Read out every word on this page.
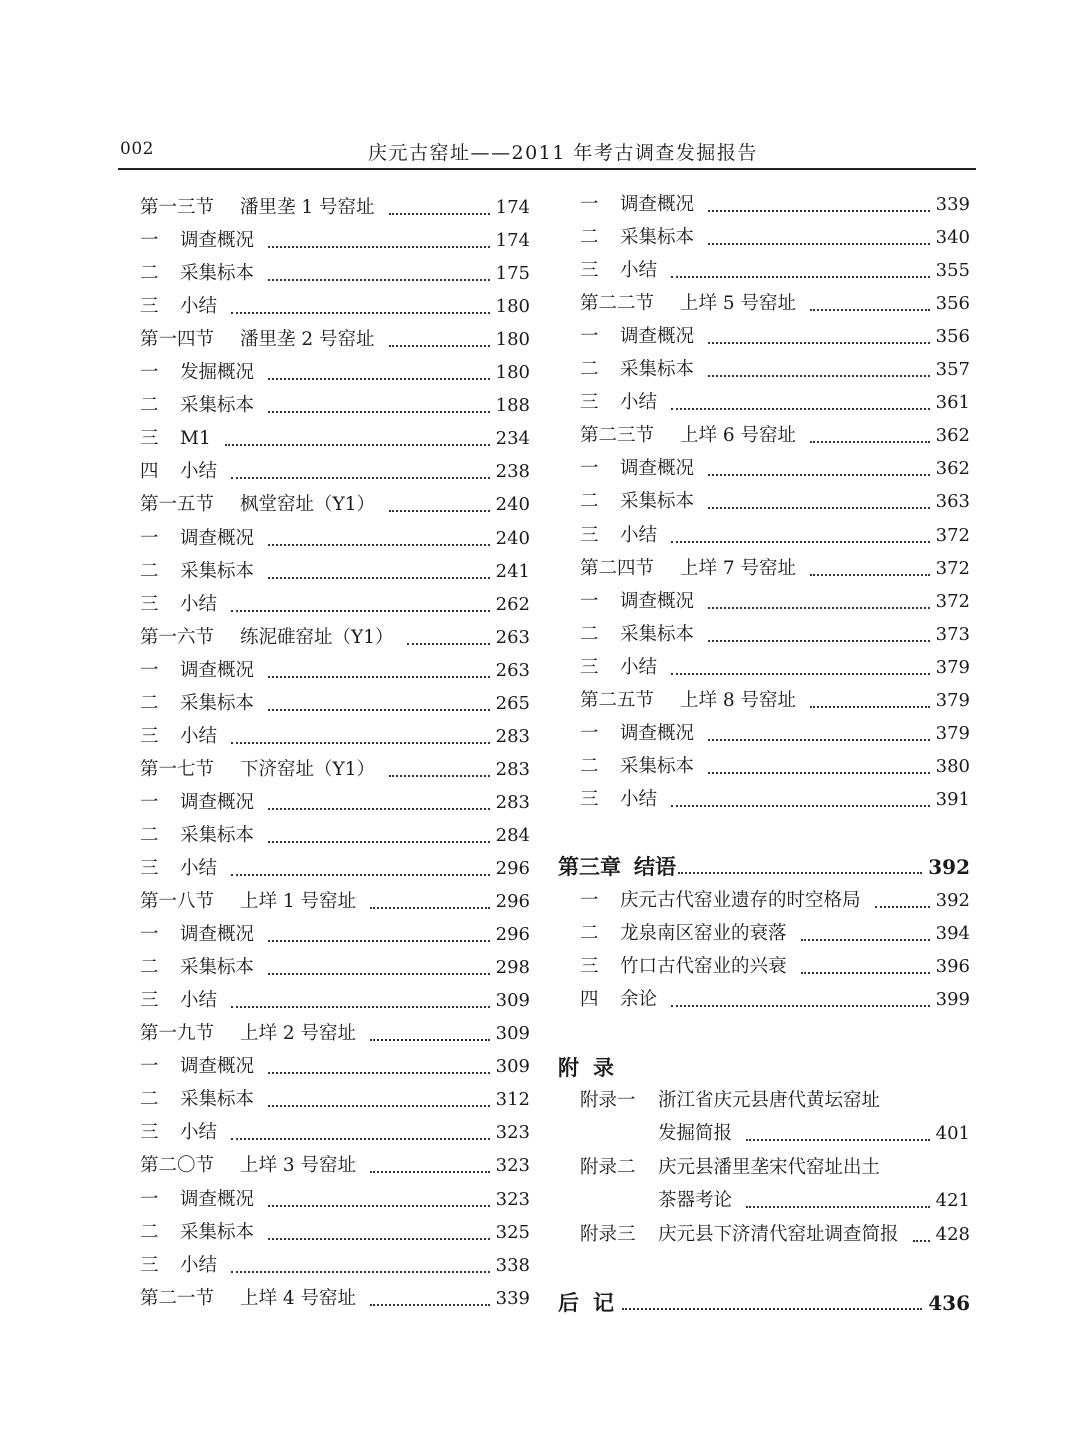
002	庆元古窑址——2011 年考古调查发掘报告
第一三节	潘里垄 1 号窑址	174
一	调查概况	174
二	采集标本	175
三	小结	180
第一四节	潘里垄 2 号窑址	180
一	发掘概况	180
二	采集标本	188
三	M1	234
四	小结	238
第一五节	枫堂窑址（Y1）	240
一	调查概况	240
二	采集标本	241
三	小结	262
第一六节	练泥碓窑址（Y1）	263
一	调查概况	263
二	采集标本	265
三	小结	283
第一七节	下济窑址（Y1）	283
一	调查概况	283
二	采集标本	284
三	小结	296
第一八节	上垟 1 号窑址	296
一	调查概况	296
二	采集标本	298
三	小结	309
第一九节	上垟 2 号窑址	309
一	调查概况	309
二	采集标本	312
三	小结	323
第二〇节	上垟 3 号窑址	323
一	调查概况	323
二	采集标本	325
三	小结	338
第二一节	上垟 4 号窑址	339
一	调查概况	339
二	采集标本	340
三	小结	355
第二二节	上垟 5 号窑址	356
一	调查概况	356
二	采集标本	357
三	小结	361
第二三节	上垟 6 号窑址	362
一	调查概况	362
二	采集标本	363
三	小结	372
第二四节	上垟 7 号窑址	372
一	调查概况	372
二	采集标本	373
三	小结	379
第二五节	上垟 8 号窑址	379
一	调查概况	379
二	采集标本	380
三	小结	391
第三章 结语	392
一	庆元古代窑业遗存的时空格局	392
二	龙泉南区窑业的衰落	394
三	竹口古代窑业的兴衰	396
四	余论	399
附录
附录一	浙江省庆元县唐代黄坛窑址
发掘简报	401
附录二	庆元县潘里垄宋代窑址出土
茶器考论	421
附录三	庆元县下济清代窑址调查简报 428
后记	436
